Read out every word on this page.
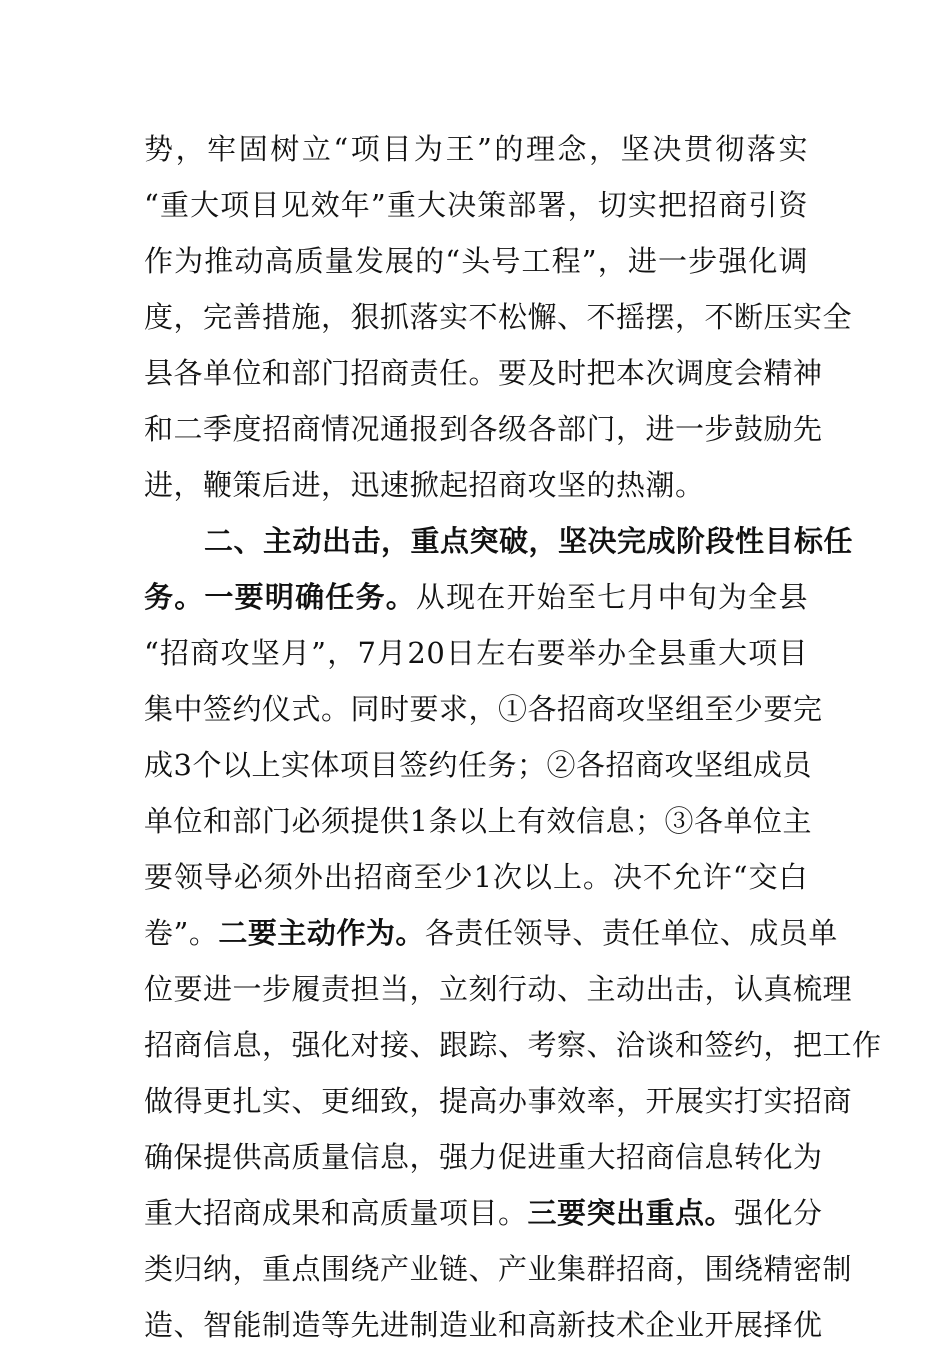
势，牢固树立“项目为王”的理念，坚决贯彻落实
“重大项目见效年”重大决策部署，切实把招商引资
作为推动高质量发展的“头号工程”，进一步强化调
度，完善措施，狠抓落实不松懈、不摇摆，不断压实全
县各单位和部门招商责任。要及时把本次调度会精神
和二季度招商情况通报到各级各部门，进一步鼓励先
进，鞭策后进，迅速掀起招商攻坚的热潮。
二、主动出击，重点突破，坚决完成阶段性目标任
务。一要明确任务。从现在开始至七月中旬为全县
“招商攻坚月”，7月20日左右要举办全县重大项目
集中签约仪式。同时要求，①各招商攻坚组至少要完
成3个以上实体项目签约任务；②各招商攻坚组成员
单位和部门必须提供1条以上有效信息；③各单位主
要领导必须外出招商至少1次以上。决不允许“交白
卷”。二要主动作为。各责任领导、责任单位、成员单
位要进一步履责担当，立刻行动、主动出击，认真梳理
招商信息，强化对接、跟踪、考察、洽谈和签约，把工作
做得更扎实、更细致，提高办事效率，开展实打实招商
确保提供高质量信息，强力促进重大招商信息转化为
重大招商成果和高质量项目。三要突出重点。强化分
类归纳，重点围绕产业链、产业集群招商，围绕精密制
造、智能制造等先进制造业和高新技术企业开展择优
